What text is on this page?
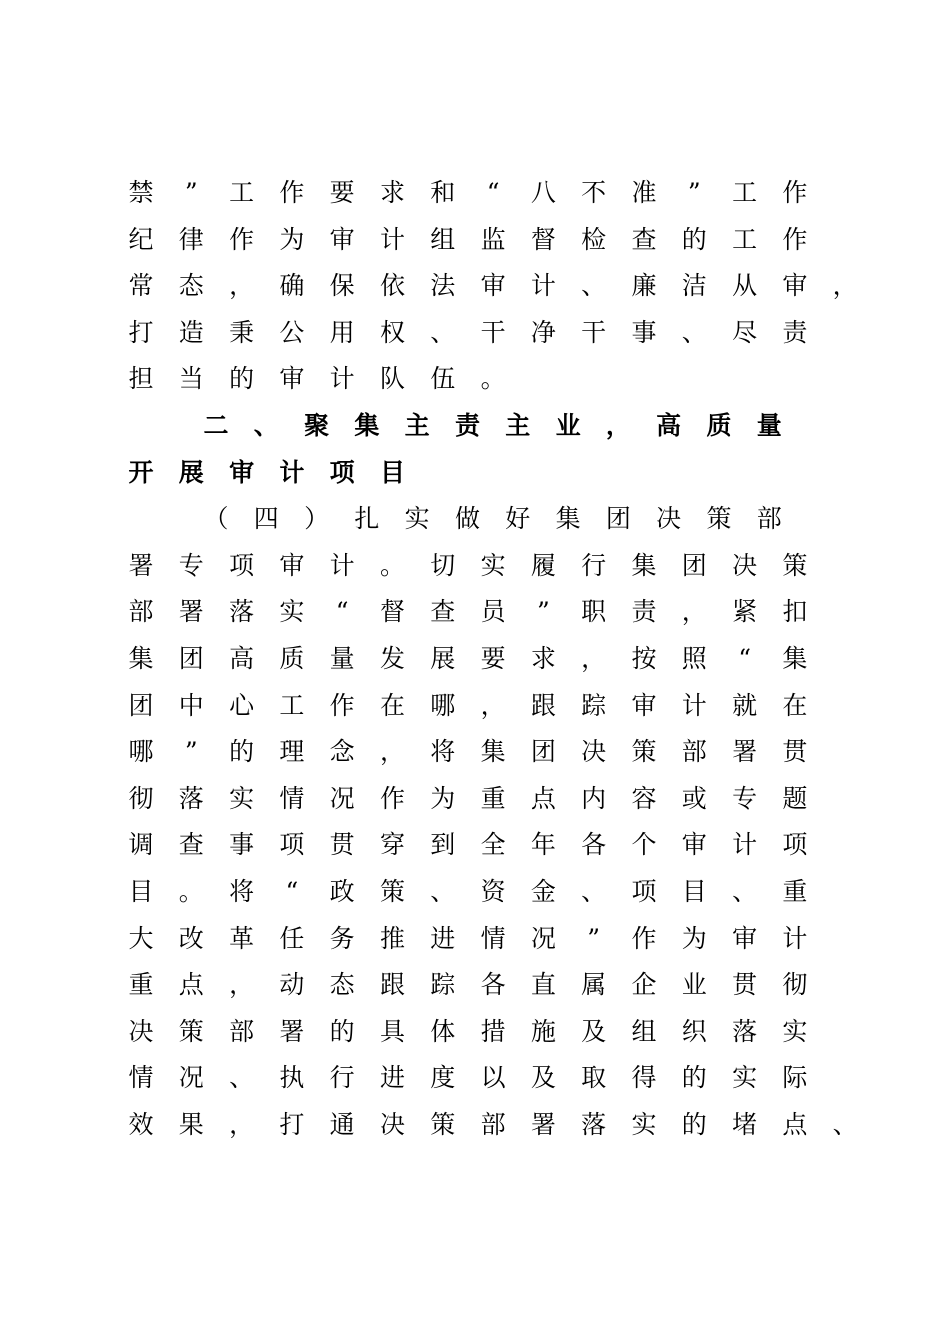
禁	”	工 作 要 求 和	“	八 不 准	”	工 作
纪 律 作 为 审 计 组 监 督 检 查 的 工 作
常 态 ， 确 保 依 法 审 计 、 廉 洁 从 审 ，
打 造 秉 公 用 权 、 干 净 干 事 、 尽 责
担 当 的 审 计 队 伍 。
二 、 聚 集 主 责 主 业 ， 高 质 量
开 展 审 计 项 目
（ 四 ） 扎 实 做 好 集 团 决 策 部
署 专 项 审 计 。 切 实 履 行 集 团 决 策
部 署 落 实	“	督 查 员	”	职 责 ， 紧 扣
集 团 高 质 量 发 展 要 求 ， 按 照	“	集
团 中 心 工 作 在 哪 ， 跟 踪 审 计 就 在
哪	”	的 理 念 ， 将 集 团 决 策 部 署 贯
彻 落 实 情 况 作 为 重 点 内 容 或 专 题
调 查 事 项 贯 穿 到 全 年 各 个 审 计 项
目 。 将	“	政 策 、 资 金 、 项 目 、 重
大 改 革 任 务 推 进 情 况	”	作 为 审 计
重 点 ， 动 态 跟 踪 各 直 属 企 业 贯 彻
决 策 部 署 的 具 体 措 施 及 组 织 落 实
情 况 、 执 行 进 度 以 及 取 得 的 实 际
效 果 ， 打 通 决 策 部 署 落 实 的 堵 点 、
